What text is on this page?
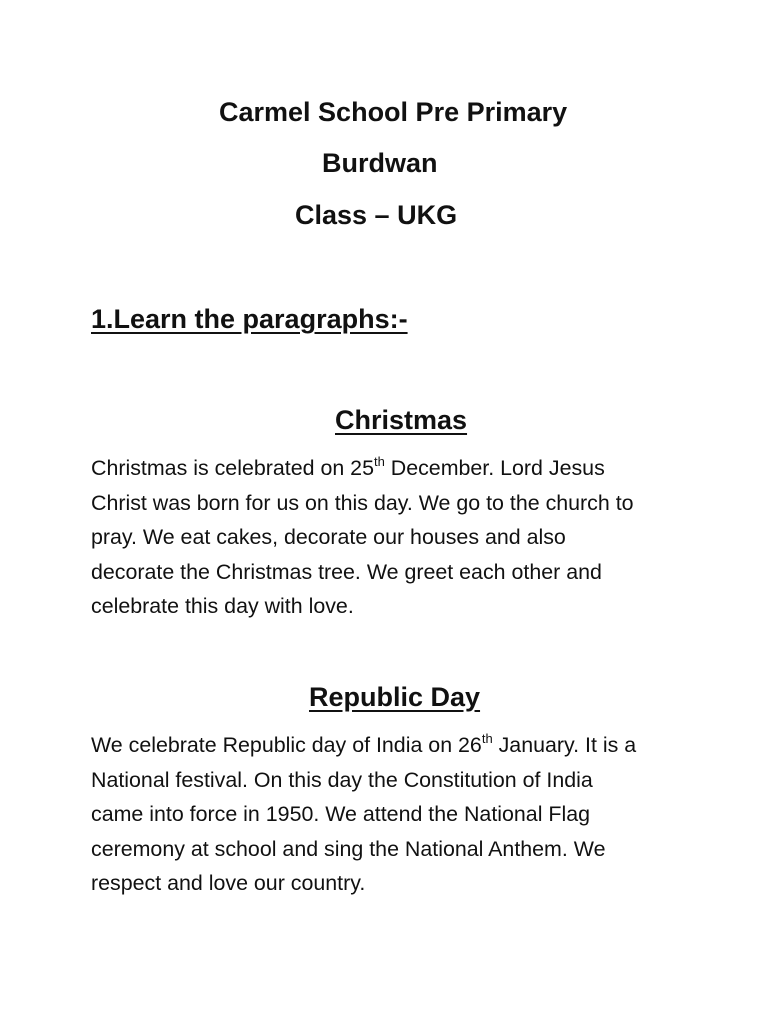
Carmel School Pre Primary
Burdwan
Class – UKG
1.Learn the paragraphs:-
Christmas
Christmas is celebrated on 25th December. Lord Jesus
Christ was born for us on this day. We go to the church to
pray. We eat cakes, decorate our houses and also
decorate the Christmas tree. We greet each other and
celebrate this day with love.
Republic Day
We celebrate Republic day of India on 26th January. It is a
National festival. On this day the Constitution of India
came into force in 1950. We attend the National Flag
ceremony at school and sing the National Anthem. We
respect and love our country.
